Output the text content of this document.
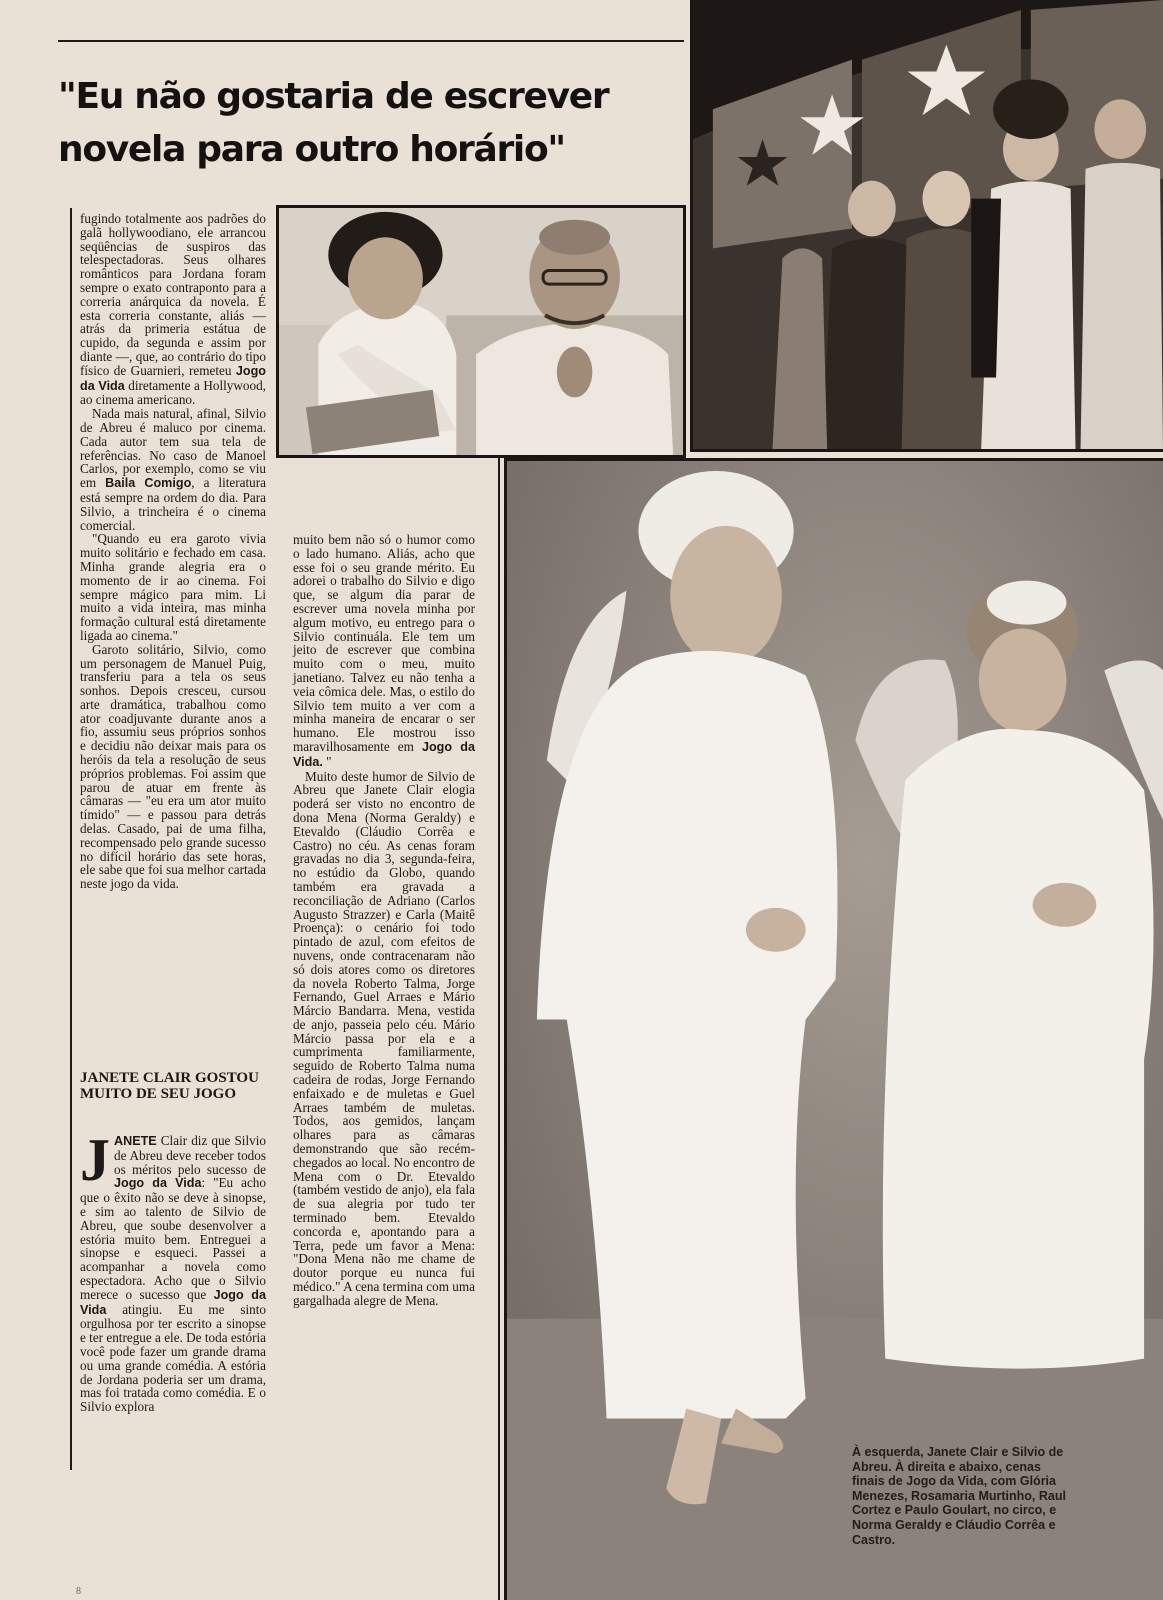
"Eu não gostaria de escrever
novela para outro horário"

fugindo totalmente aos padrões do galã hollywoodiano, ele arrancou seqüências de suspiros das telespectadoras. Seus olhares românticos para Jordana foram sempre o exato contraponto para a correria anárquica da novela. É esta correria constante, aliás — atrás da primeria estátua de cupido, da segunda e assim por diante —, que, ao contrário do tipo físico de Guarnieri, remeteu Jogo da Vida diretamente a Hollywood, ao cinema americano.

Nada mais natural, afinal, Silvio de Abreu é maluco por cinema. Cada autor tem sua tela de referências. No caso de Manoel Carlos, por exemplo, como se viu em Baila Comigo, a literatura está sempre na ordem do dia. Para Silvio, a trincheira é o cinema comercial.

"Quando eu era garoto vivia muito solitário e fechado em casa. Minha grande alegria era o momento de ir ao cinema. Foi sempre mágico para mim. Li muito a vida inteira, mas minha formação cultural está diretamente ligada ao cinema."

Garoto solitário, Silvio, como um personagem de Manuel Puig, transferiu para a tela os seus sonhos. Depois cresceu, cursou arte dramática, trabalhou como ator coadjuvante durante anos a fio, assumiu seus próprios sonhos e decidiu não deixar mais para os heróis da tela a resolução de seus próprios problemas. Foi assim que parou de atuar em frente às câmaras — "eu era um ator muito tímido" — e passou para detrás delas. Casado, pai de uma filha, recompensado pelo grande sucesso no difícil horário das sete horas, ele sabe que foi sua melhor cartada neste jogo da vida.

JANETE CLAIR GOSTOU MUITO DE SEU JOGO

JANETE Clair diz que Silvio de Abreu deve receber todos os méritos pelo sucesso de Jogo da Vida: "Eu acho que o êxito não se deve à sinopse, e sim ao talento de Silvio de Abreu, que soube desenvolver a estória muito bem. Entreguei a sinopse e esqueci. Passei a acompanhar a novela como espectadora. Acho que o Silvio merece o sucesso que Jogo da Vida atingiu. Eu me sinto orgulhosa por ter escrito a sinopse e ter entregue a ele. De toda estória você pode fazer um grande drama ou uma grande comédia. A estória de Jordana poderia ser um drama, mas foi tratada como comédia. E o Silvio explora

muito bem não só o humor como o lado humano. Aliás, acho que esse foi o seu grande mérito. Eu adorei o trabalho do Silvio e digo que, se algum dia parar de escrever uma novela minha por algum motivo, eu entrego para o Silvio continuála. Ele tem um jeito de escrever que combina muito com o meu, muito janetiano. Talvez eu não tenha a veia cômica dele. Mas, o estilo do Silvio tem muito a ver com a minha maneira de encarar o ser humano. Ele mostrou isso maravilhosamente em Jogo da Vida. "

Muito deste humor de Silvio de Abreu que Janete Clair elogia poderá ser visto no encontro de dona Mena (Norma Geraldy) e Etevaldo (Cláudio Corrêa e Castro) no céu. As cenas foram gravadas no dia 3, segunda-feira, no estúdio da Globo, quando também era gravada a reconciliação de Adriano (Carlos Augusto Strazzer) e Carla (Maitê Proença): o cenário foi todo pintado de azul, com efeitos de nuvens, onde contracenaram não só dois atores como os diretores da novela Roberto Talma, Jorge Fernando, Guel Arraes e Mário Márcio Bandarra. Mena, vestida de anjo, passeia pelo céu. Mário Márcio passa por ela e a cumprimenta familiarmente, seguido de Roberto Talma numa cadeira de rodas, Jorge Fernando enfaixado e de muletas e Guel Arraes também de muletas. Todos, aos gemidos, lançam olhares para as câmaras demonstrando que são recém-chegados ao local. No encontro de Mena com o Dr. Etevaldo (também vestido de anjo), ela fala de sua alegria por tudo ter terminado bem. Etevaldo concorda e, apontando para a Terra, pede um favor a Mena: "Dona Mena não me chame de doutor porque eu nunca fui médico." A cena termina com uma gargalhada alegre de Mena.

À esquerda, Janete Clair e Silvio de Abreu. À direita e abaixo, cenas finais de Jogo da Vida, com Glória Menezes, Rosamaria Murtinho, Raul Cortez e Paulo Goulart, no circo, e Norma Geraldy e Cláudio Corrêa e Castro.

8
